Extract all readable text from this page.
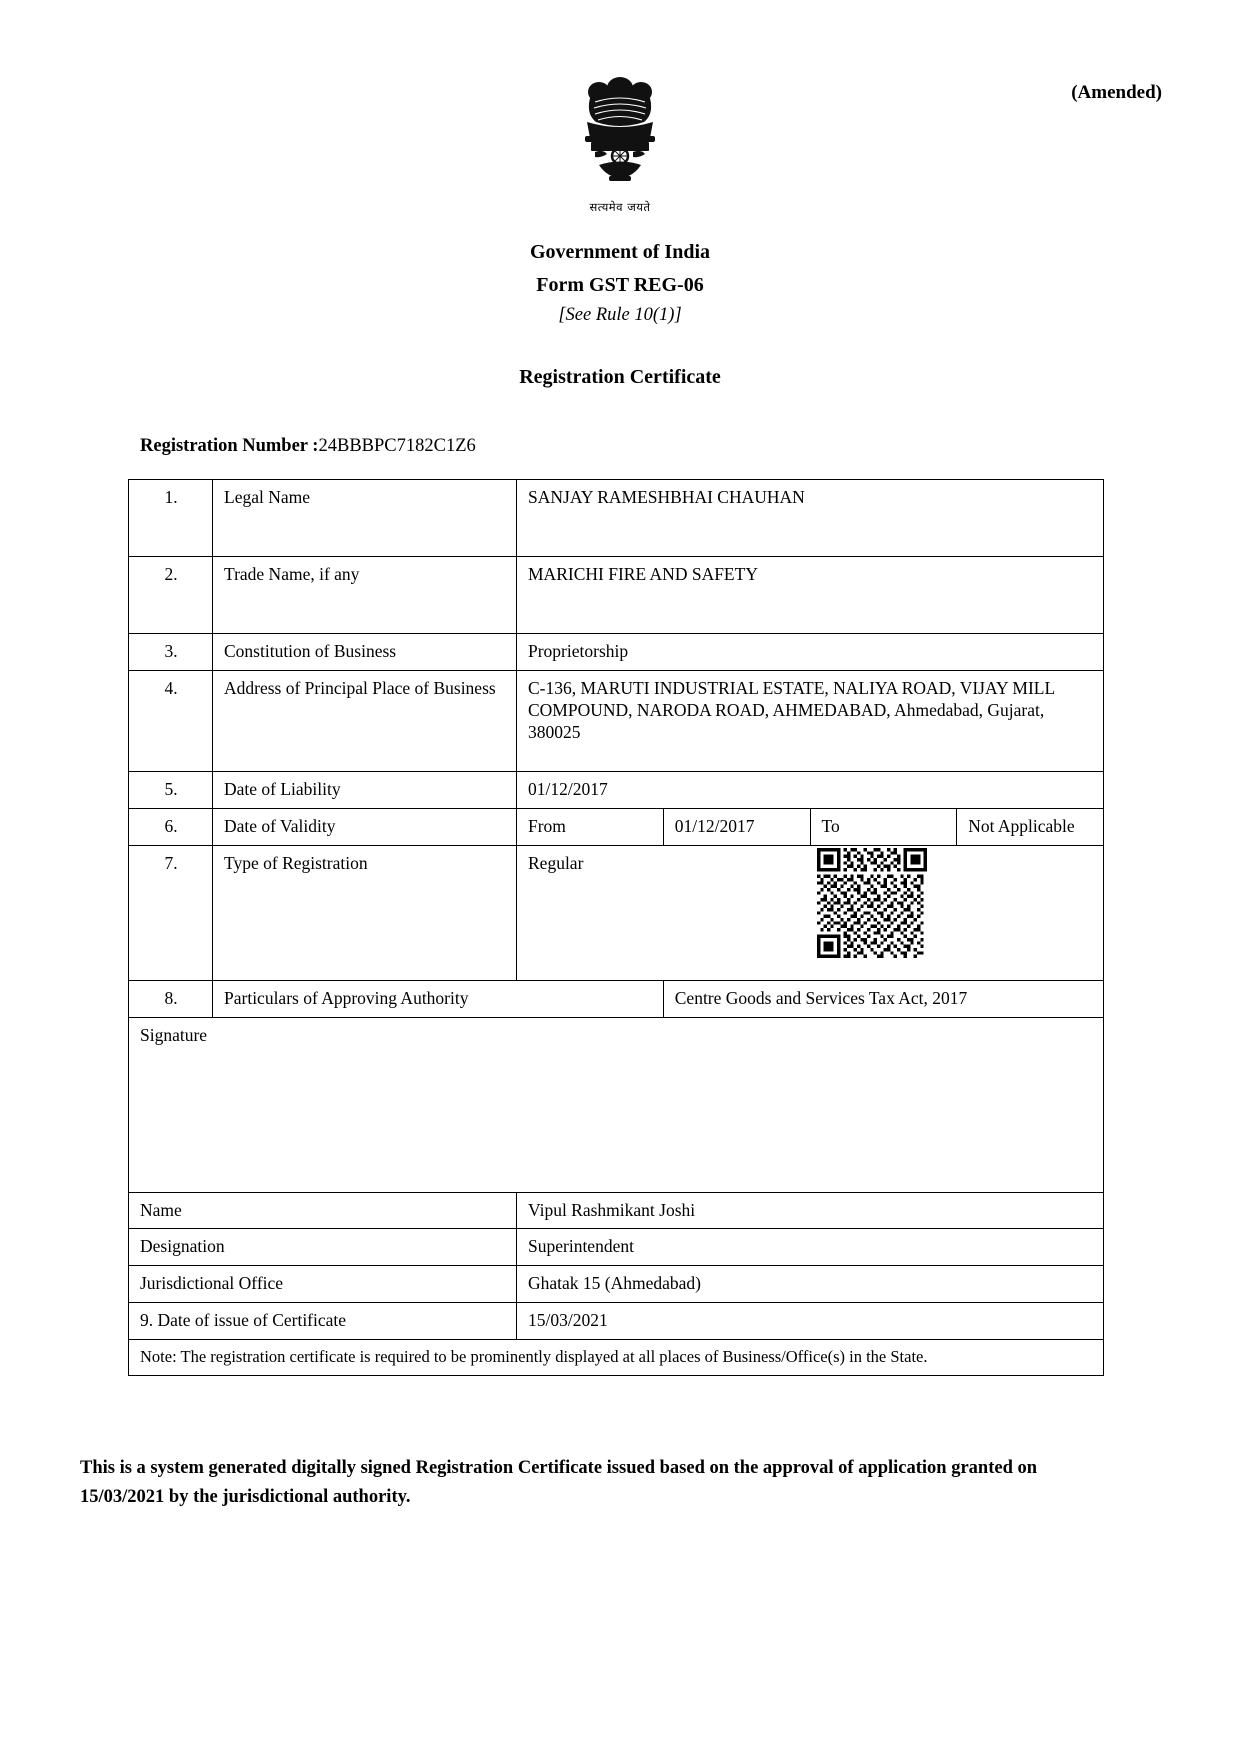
(Amended)
सत्यमेव जयते
Government of India
Form GST REG-06
[See Rule 10(1)]
Registration Certificate
Registration Number :24BBBPC7182C1Z6
1.	Legal Name	SANJAY RAMESHBHAI CHAUHAN			
2.	Trade Name, if any	MARICHI FIRE AND SAFETY			
3.	Constitution of Business	Proprietorship			
4.	Address of Principal Place of Business	C-136, MARUTI INDUSTRIAL ESTATE, NALIYA ROAD, VIJAY MILL COMPOUND, NARODA ROAD, AHMEDABAD, Ahmedabad, Gujarat, 380025			
5.	Date of Liability	01/12/2017			
6.	Date of Validity	From	01/12/2017	To	Not Applicable
7.	Type of Registration	Regular			

8.	Particulars of Approving Authority		Centre Goods and Services Tax Act, 2017		
Signature					
Name		Vipul Rashmikant Joshi			
Designation		Superintendent			
Jurisdictional Office		Ghatak 15 (Ahmedabad)			
9. Date of issue of Certificate		15/03/2021			
Note: The registration certificate is required to be prominently displayed at all places of Business/Office(s) in the State.					
This is a system generated digitally signed Registration Certificate issued based on the approval of application granted on 15/03/2021 by the jurisdictional authority.
